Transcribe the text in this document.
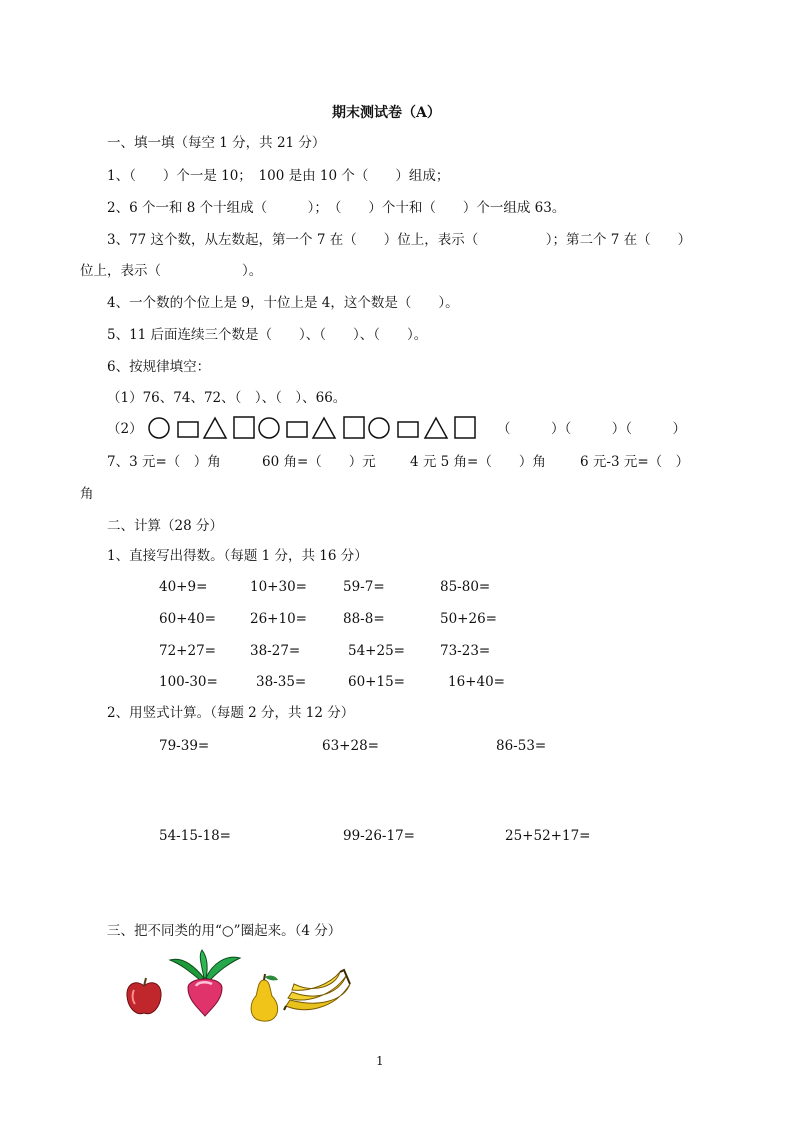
期末测试卷（A）
一、填一填（每空 1 分，共 21 分）
1、（　　）个一是 10；　100 是由 10 个（　　）组成；
2、6 个一和 8 个十组成（　　　）；　（　　）个十和（　　）个一组成 63。
3、77 这个数，从左数起，第一个 7 在（　　）位上，表示（　　　　　）；第二个 7 在（　　）
位上，表示（　　　　　　）。
4、一个数的个位上是 9，十位上是 4，这个数是（　　）。
5、11 后面连续三个数是（　　）、（　　）、（　　）。
6、按规律填空：
（1）76、74、72、（　）、（　）、66。
（2）	（　　　）（　　　）（　　　）
7、3 元=（　）角	60 角=（　　）元	4 元 5 角=（　　）角	6 元-3 元=（　）
角
二、计算（28 分）
1、直接写出得数。（每题 1 分，共 16 分）
40+9=	10+30=	59-7=	85-80=
60+40=	26+10=	88-8=	50+26=
72+27=	38-27=	54+25=	73-23=
100-30=	38-35=	60+15=	16+40=
2、用竖式计算。（每题 2 分，共 12 分）
79-39=	63+28=	86-53=
54-15-18=	99-26-17=	25+52+17=
三、把不同类的用“○”圈起来。（4 分）
1
